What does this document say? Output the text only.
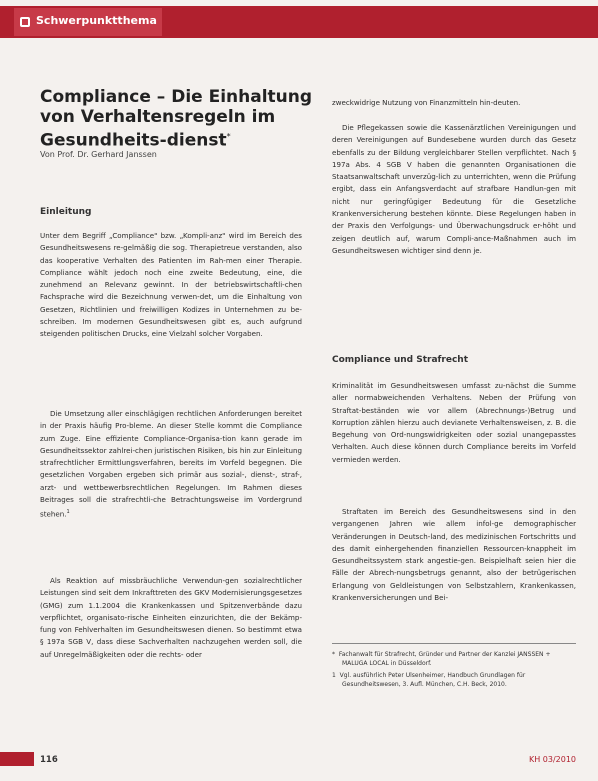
Schwerpunktthema
Compliance – Die Einhaltung von Verhaltensregeln im Gesundheits-dienst*
Von Prof. Dr. Gerhard Janssen
Einleitung

Unter dem Begriff „Compliance" bzw. „Kompli-anz" wird im Bereich des Gesundheitswesens re-gelmäßig die sog. Therapietreue verstanden, also das kooperative Verhalten des Patienten im Rah-men einer Therapie. Compliance wählt jedoch noch eine zweite Bedeutung, eine, die zunehmend an Relevanz gewinnt. In der betriebswirtschaftli-chen Fachsprache wird die Bezeichnung verwen-det, um die Einhaltung von Gesetzen, Richtlinien und freiwilligen Kodizes in Unternehmen zu be-schreiben. Im modernen Gesundheitswesen gibt es, auch aufgrund steigenden politischen Drucks, eine Vielzahl solcher Vorgaben.

Die Umsetzung aller einschlägigen rechtlichen Anforderungen bereitet in der Praxis häufig Pro-bleme. An dieser Stelle kommt die Compliance zum Zuge. Eine effiziente Compliance-Organisa-tion kann gerade im Gesundheitssektor zahlrei-chen juristischen Risiken, bis hin zur Einleitung strafrechtlicher Ermittlungsverfahren, bereits im Vorfeld begegnen. Die gesetzlichen Vorgaben ergeben sich primär aus sozial-, dienst-, straf-, arzt- und wettbewerbsrechtlichen Regelungen. Im Rahmen dieses Beitrages soll die strafrechtli-che Betrachtungsweise im Vordergrund stehen.$^1$

Als Reaktion auf missbräuchliche Verwendun-gen sozialrechtlicher Leistungen sind seit dem Inkrafttreten des GKV Modernisierungsgesetzes (GMG) zum 1.1.2004 die Krankenkassen und Spitzenverbände dazu verpflichtet, organisato-rische Einheiten einzurichten, die der Bekämp-fung von Fehlverhalten im Gesundheitswesen dienen. So bestimmt etwa § 197a SGB V, dass diese Sachverhalten nachzugehen werden soll, die auf Unregelmäßigkeiten oder die rechts- oder

zweckwidrige Nutzung von Finanzmitteln hin-deuten.

Die Pflegekassen sowie die Kassenärztlichen Vereinigungen und deren Vereinigungen auf Bundesebene wurden durch das Gesetz ebenfalls zu der Bildung vergleichbarer Stellen verpflichtet. Nach § 197a Abs. 4 SGB V haben die genannten Organisationen die Staatsanwaltschaft unverzüg-lich zu unterrichten, wenn die Prüfung ergibt, dass ein Anfangsverdacht auf strafbare Handlun-gen mit nicht nur geringfügiger Bedeutung für die Gesetzliche Krankenversicherung bestehen könnte. Diese Regelungen haben in der Praxis den Verfolgungs- und Überwachungsdruck er-höht und zeigen deutlich auf, warum Compli-ance-Maßnahmen auch im Gesundheitswesen wichtiger sind denn je.

Compliance und Strafrecht

Kriminalität im Gesundheitswesen umfasst zu-nächst die Summe aller normabweichenden Verhaltens. Neben der Prüfung von Straftat-beständen wie vor allem (Abrechnungs-)Betrug und Korruption zählen hierzu auch devianete Verhaltensweisen, z. B. die Begehung von Ord-nungswidrigkeiten oder sozial unangepasstes Verhalten. Auch diese können durch Compliance bereits im Vorfeld vermieden werden.

Straftaten im Bereich des Gesundheitswesens sind in den vergangenen Jahren wie allem infol-ge demographischer Veränderungen in Deutsch-land, des medizinischen Fortschritts und des damit einhergehenden finanziellen Ressourcen-knappheit im Gesundheitssystem stark angestie-gen. Beispielhaft seien hier die Fälle der Abrech-nungsbetrugs genannt, also der betrügerischen Erlangung von Geldleistungen von Selbstzahlern, Krankenkassen, Krankenversicherungen und Bei-

* Fachanwalt für Strafrecht, Gründer und Partner der Kanzlei JANSSEN + MALUGA LOCAL in Düsseldorf.

1 Vgl. ausführlich Peter Ulsenheimer, Handbuch Grundlagen für Gesundheitswesen, 3. Aufl. München, C.H. Beck, 2010.

116	KH 03/2010
